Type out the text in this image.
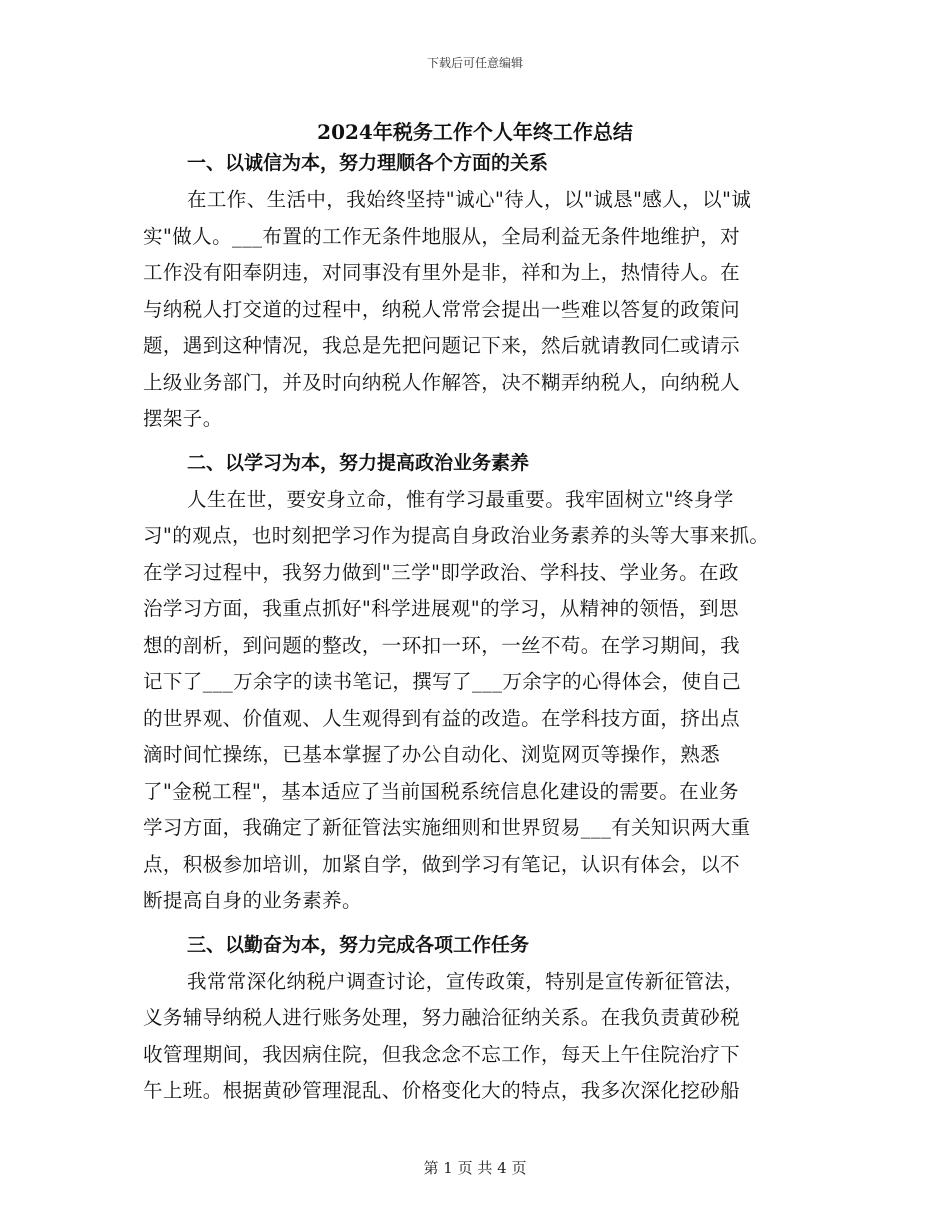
下载后可任意编辑
2024年税务工作个人年终工作总结
一、以诚信为本，努力理顺各个方面的关系
在工作、生活中，我始终坚持"诚心"待人，以"诚恳"感人，以"诚
实"做人。___布置的工作无条件地服从，全局利益无条件地维护，对
工作没有阳奉阴违，对同事没有里外是非，祥和为上，热情待人。在
与纳税人打交道的过程中，纳税人常常会提出一些难以答复的政策问
题，遇到这种情况，我总是先把问题记下来，然后就请教同仁或请示
上级业务部门，并及时向纳税人作解答，决不糊弄纳税人，向纳税人
摆架子。
二、以学习为本，努力提高政治业务素养
人生在世，要安身立命，惟有学习最重要。我牢固树立"终身学
习"的观点，也时刻把学习作为提高自身政治业务素养的头等大事来抓。
在学习过程中，我努力做到"三学"即学政治、学科技、学业务。在政
治学习方面，我重点抓好"科学进展观"的学习，从精神的领悟，到思
想的剖析，到问题的整改，一环扣一环，一丝不苟。在学习期间，我
记下了___万余字的读书笔记，撰写了___万余字的心得体会，使自己
的世界观、价值观、人生观得到有益的改造。在学科技方面，挤出点
滴时间忙操练，已基本掌握了办公自动化、浏览网页等操作，熟悉
了"金税工程"，基本适应了当前国税系统信息化建设的需要。在业务
学习方面，我确定了新征管法实施细则和世界贸易___有关知识两大重
点，积极参加培训，加紧自学，做到学习有笔记，认识有体会，以不
断提高自身的业务素养。
三、以勤奋为本，努力完成各项工作任务
我常常深化纳税户调查讨论，宣传政策，特别是宣传新征管法，
义务辅导纳税人进行账务处理，努力融洽征纳关系。在我负责黄砂税
收管理期间，我因病住院，但我念念不忘工作，每天上午住院治疗下
午上班。根据黄砂管理混乱、价格变化大的特点，我多次深化挖砂船
第 1 页 共 4 页
